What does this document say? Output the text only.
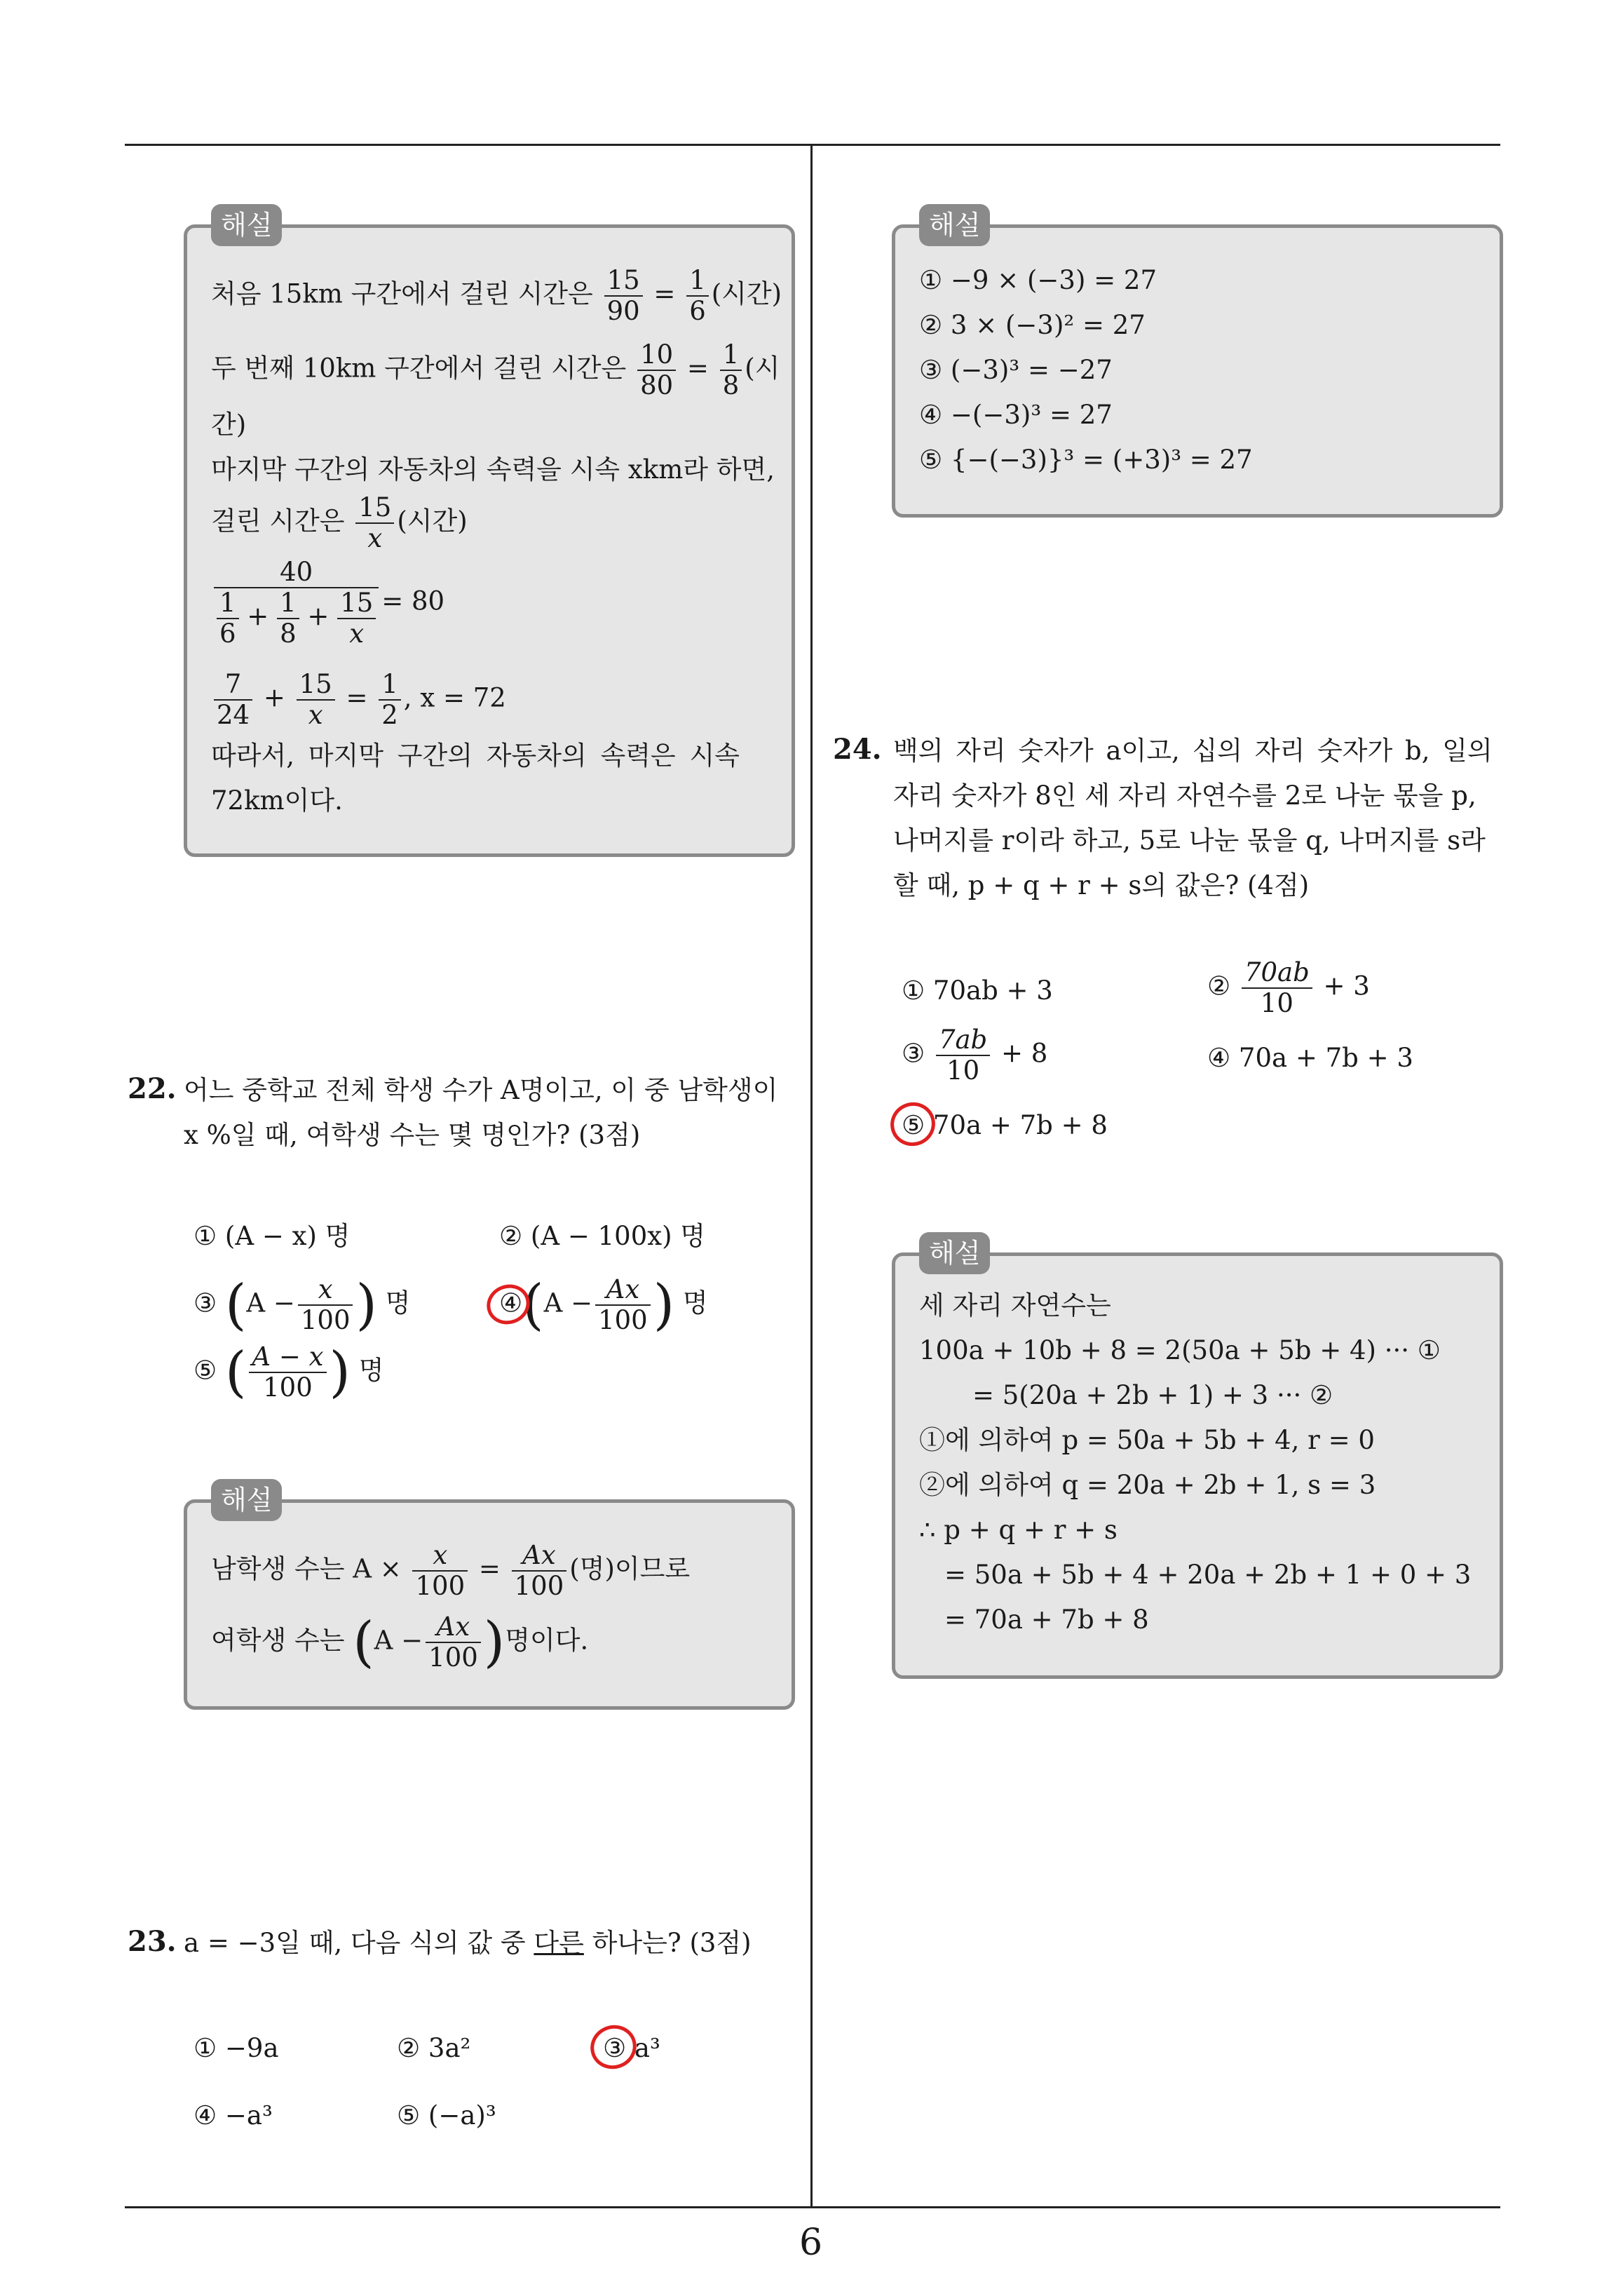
해설
처음 15km 구간에서 걸린 시간은 $\frac{15}{90} = \frac{1}{6}$ (시간)
두 번째 10km 구간에서 걸린 시간은 $\frac{10}{80} = \frac{1}{8}$ (시
간)
마지막 구간의 자동차의 속력을 시속 xkm라 하면,
걸린 시간은 $\frac{15}{x}$ (시간)
$\frac{40}{\frac{1}{6} + \frac{1}{8} + \frac{15}{x}} = 80$
$\frac{7}{24} + \frac{15}{x} = \frac{1}{2}$ , x = 72
따라서, 마지막 구간의 자동차의 속력은 시속
72km이다.
22. 어느 중학교 전체 학생 수가 A명이고, 이 중 남학생이
x %일 때, 여학생 수는 몇 명인가? (3점)
① (A − x) 명	② (A − 100x) 명
③ ($A - \frac{x}{100}$ ) 명	④(A − $\frac{Ax}{100}$ ) 명
⑤ ( $\frac{A - x}{100}$ ) 명
해설
남학생 수는 $A \times \frac{x}{100} = \frac{Ax}{100}$ (명)이므로
여학생 수는 ($A - \frac{Ax}{100}$ )명이다.
23. a = −3일 때, 다음 식의 값 중 다른 하나는? (3점)
① −9a	② 3a²	③ a³
④ −a³	⑤ (−a)³
해설
① −9 × (−3) = 27
② 3 × (−3)² = 27
③ (−3)³ = −27
④ −(−3)³ = 27
⑤ {−(−3)}³ = (+3)³ = 27
24. 백의 자리 숫자가 a이고, 십의 자리 숫자가 b, 일의
자리 숫자가 8인 세 자리 자연수를 2로 나눈 몫을 p,
나머지를 r이라 하고, 5로 나눈 몫을 q, 나머지를 s라
할 때, p + q + r + s의 값은? (4점)
① 70ab + 3	② $\frac{70ab}{10} + 3$
③ $\frac{7ab}{10} + 8$	④ 70a + 7b + 3
⑤ 70a + 7b + 8
해설
세 자리 자연수는
100a + 10b + 8 = 2(50a + 5b + 4) ··· ①
= 5(20a + 2b + 1) + 3 ··· ②
①에 의하여 p = 50a + 5b + 4, r = 0
②에 의하여 q = 20a + 2b + 1, s = 3
∴ p + q + r + s
= 50a + 5b + 4 + 20a + 2b + 1 + 0 + 3
= 70a + 7b + 8
6
